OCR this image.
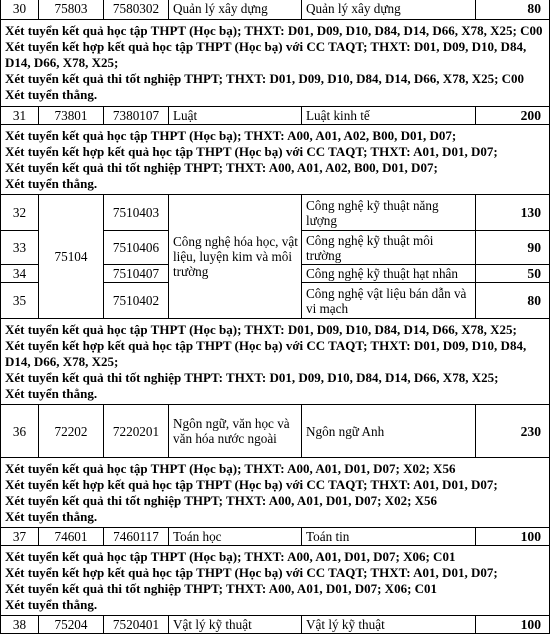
30	75803	7580302	Quản lý xây dựng	Quản lý xây dựng	80

Xét tuyển kết quả học tập THPT (Học bạ); THXT: D01, D09, D10, D84, D14, D66, X78, X25; C00
Xét tuyển kết hợp kết quả học tập THPT (Học bạ) với CC TAQT; THXT: D01, D09, D10, D84, D14, D66, X78, X25;
Xét tuyển kết quả thi tốt nghiệp THPT; THXT: D01, D09, D10, D84, D14, D66, X78, X25; C00
Xét tuyển thẳng.					

31	73801	7380107	Luật	Luật kinh tế	200

Xét tuyển kết quả học tập THPT (Học bạ); THXT: A00, A01, A02, B00, D01, D07;
Xét tuyển kết hợp kết quả học tập THPT (Học bạ) với CC TAQT; THXT: A01, D01, D07;
Xét tuyển kết quả thi tốt nghiệp THPT; THXT: A00, A01, A02, B00, D01, D07;
Xét tuyển thẳng.					

32	75104	7510403	Công nghệ hóa học, vật liệu, luyện kim và môi trường	Công nghệ kỹ thuật năng lượng	130
33		7510406		Công nghệ kỹ thuật môi trường	90
34		7510407		Công nghệ kỹ thuật hạt nhân	50
35		7510402		Công nghệ vật liệu bán dẫn và vi mạch	80

Xét tuyển kết quả học tập THPT (Học bạ); THXT: D01, D09, D10, D84, D14, D66, X78, X25;
Xét tuyển kết hợp kết quả học tập THPT (Học bạ) với CC TAQT; THXT: D01, D09, D10, D84, D14, D66, X78, X25;
Xét tuyển kết quả thi tốt nghiệp THPT: THXT: D01, D09, D10, D84, D14, D66, X78, X25;
Xét tuyển thẳng.					

36	72202	7220201	Ngôn ngữ, văn học và văn hóa nước ngoài	Ngôn ngữ Anh	230

Xét tuyển kết quả học tập THPT (Học bạ); THXT: A00, A01, D01, D07; X02; X56
Xét tuyển kết hợp kết quả học tập THPT (Học bạ) với CC TAQT; THXT: A01, D01, D07;
Xét tuyển kết quả thi tốt nghiệp THPT; THXT: A00, A01, D01, D07; X02; X56
Xét tuyển thẳng.					

37	74601	7460117	Toán học	Toán tin	100

Xét tuyển kết quả học tập THPT (Học bạ); THXT: A00, A01, D01, D07; X06; C01
Xét tuyển kết hợp kết quả học tập THPT (Học bạ) với CC TAQT; THXT: A01, D01, D07;
Xét tuyển kết quả thi tốt nghiệp THPT; THXT: A00, A01, D01, D07; X06; C01
Xét tuyển thẳng.					

38	75204	7520401	Vật lý kỹ thuật	Vật lý kỹ thuật	100
